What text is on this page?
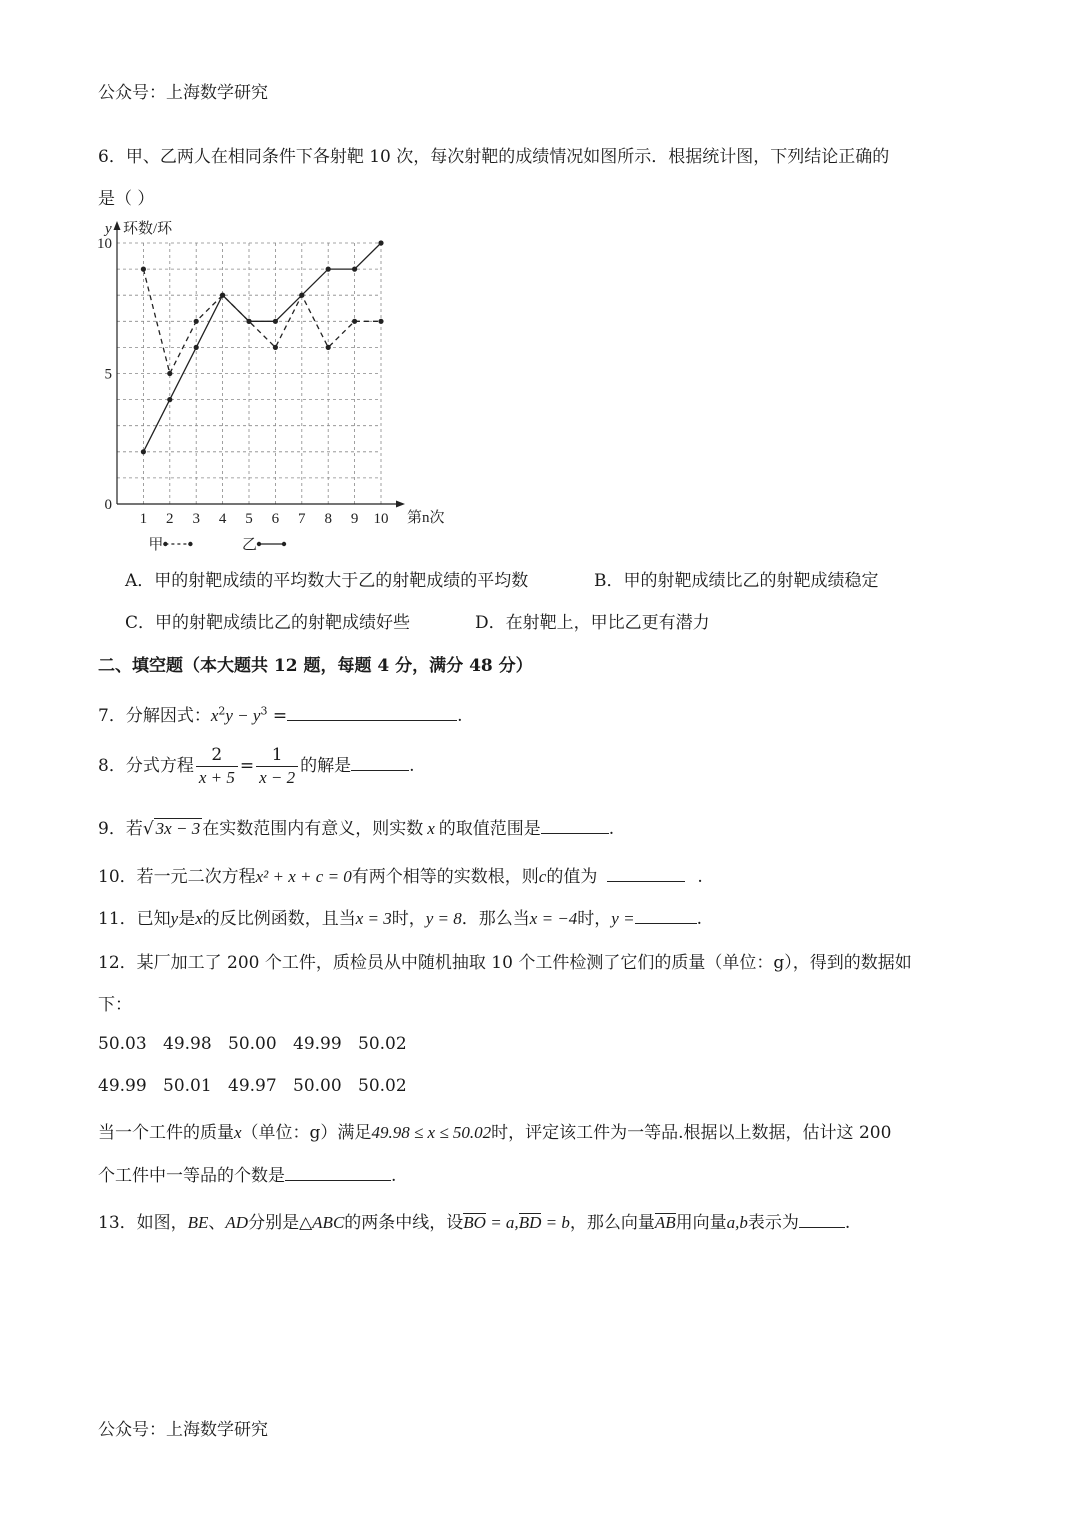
公众号：上海数学研究
6．甲、乙两人在相同条件下各射靶 10 次，每次射靶的成绩情况如图所示．根据统计图，下列结论正确的
是（ ）
1 2 3 4 5 6 7 8 9 10
0
5
10
y 环数/环
第n次
甲	乙
A．甲的射靶成绩的平均数大于乙的射靶成绩的平均数	B．甲的射靶成绩比乙的射靶成绩稳定
C．甲的射靶成绩比乙的射靶成绩好些	D．在射靶上，甲比乙更有潜力
二、填空题（本大题共 12 题，每题 4 分，满分 48 分）
7．分解因式：$x^2y - y^3$ =	.
8．分式方程 $\frac{2}{x + 5} = \frac{1}{x - 2}$ 的解是	.
9．若√ 3x − 3 在实数范围内有意义，则实数 x 的取值范围是	.
10．若一元二次方程x² + x + c = 0有两个相等的实数根，则c的值为	.
11．已知y是x的反比例函数，且当x = 3时，y = 8．那么当x = −4时，y =	.
12．某厂加工了 200 个工件，质检员从中随机抽取 10 个工件检测了它们的质量（单位：g），得到的数据如
下：
50.03 49.98 50.00 49.99 50.02
49.99 50.01 49.97 50.00 50.02
当一个工件的质量x（单位：g）满足49.98 ≤ x ≤ 50.02时，评定该工件为一等品.根据以上数据，估计这 200
个工件中一等品的个数是	.
13．如图，BE、AD分别是△ABC的两条中线，设BO = a,BD = b，那么向量AB用向量a,b表示为	.
公众号：上海数学研究
